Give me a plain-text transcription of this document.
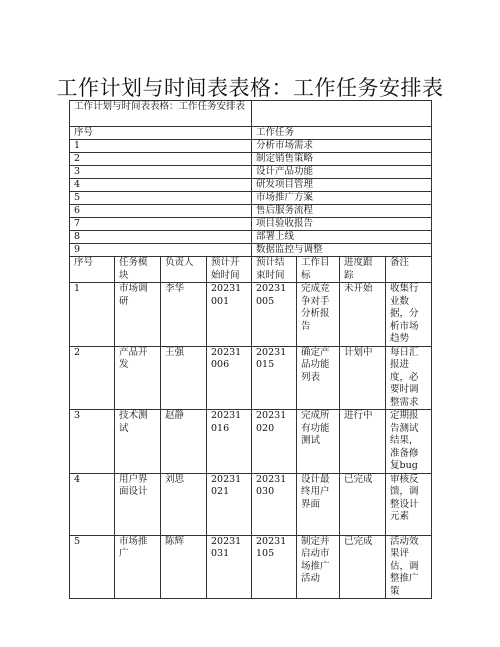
工作计划与时间表表格：工作任务安排表
工作计划与时间表表格：工作任务安排表							
序号				工作任务			
1				分析市场需求			
2				制定销售策略			
3				设计产品功能			
4				研发项目管理			
5				市场推广方案			
6				售后服务流程			
7				项目验收报告			
8				部署上线			
9				数据监控与调整			
序号	任务模块	负责人	预计开始时间	预计结束时间	工作目标	进度跟踪	备注
1	市场调研	李华	20231001	20231005	完成竞争对手分析报告	未开始	收集行业数据，分析市场趋势
2	产品开发	王强	20231006	20231015	确定产品功能列表	计划中	每日汇报进度，必要时调整需求
3	技术测试	赵静	20231016	20231020	完成所有功能测试	进行中	定期报告测试结果，准备修复bug
4	用户界面设计	刘思	20231021	20231030	设计最终用户界面	已完成	审核反馈，调整设计元素
5	市场推广	陈辉	20231031	20231105	制定并启动市场推广活动	已完成	活动效果评估，调整推广策
